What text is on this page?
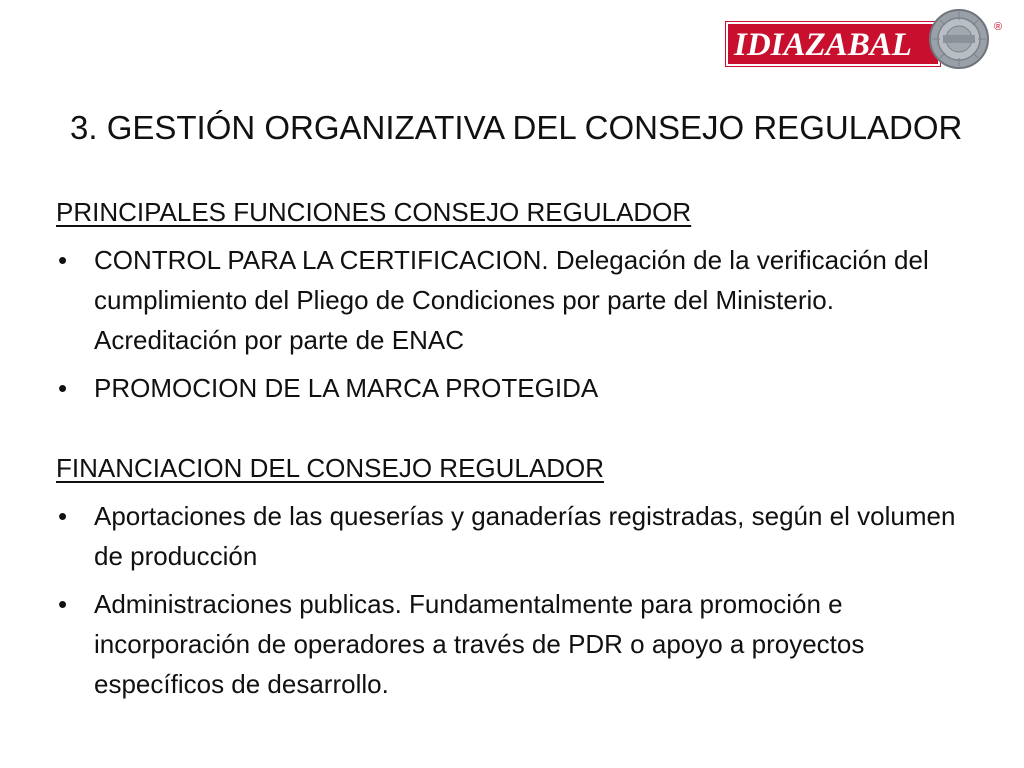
IDIAZABAL	®
3. GESTIÓN ORGANIZATIVA DEL CONSEJO REGULADOR
PRINCIPALES FUNCIONES CONSEJO REGULADOR
• CONTROL PARA LA CERTIFICACION. Delegación de la verificación del cumplimiento del Pliego de Condiciones por parte del Ministerio. Acreditación por parte de ENAC
• PROMOCION DE LA MARCA PROTEGIDA
FINANCIACION DEL CONSEJO REGULADOR
• Aportaciones de las queserías y ganaderías registradas, según el volumen de producción
• Administraciones publicas. Fundamentalmente para promoción e incorporación de operadores a través de PDR o apoyo a proyectos específicos de desarrollo.
